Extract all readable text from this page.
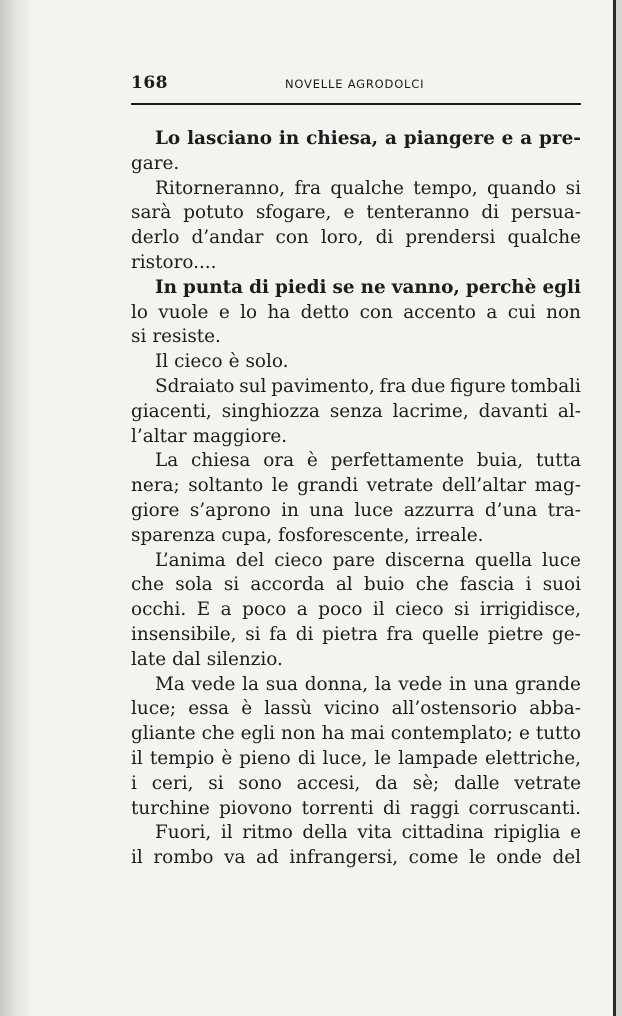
168	NOVELLE AGRODOLCI
Lo lasciano in chiesa, a piangere e a pre-
gare.
Ritorneranno, fra qualche tempo, quando si
sarà potuto sfogare, e tenteranno di persua-
derlo d’andar con loro, di prendersi qualche
ristoro....
In punta di piedi se ne vanno, perchè egli
lo vuole e lo ha detto con accento a cui non
si resiste.
Il cieco è solo.
Sdraiato sul pavimento, fra due figure tombali
giacenti, singhiozza senza lacrime, davanti al-
l’altar maggiore.
La chiesa ora è perfettamente buia, tutta
nera; soltanto le grandi vetrate dell’altar mag-
giore s’aprono in una luce azzurra d’una tra-
sparenza cupa, fosforescente, irreale.
L’anima del cieco pare discerna quella luce
che sola si accorda al buio che fascia i suoi
occhi. E a poco a poco il cieco si irrigidisce,
insensibile, si fa di pietra fra quelle pietre ge-
late dal silenzio.
Ma vede la sua donna, la vede in una grande
luce; essa è lassù vicino all’ostensorio abba-
gliante che egli non ha mai contemplato; e tutto
il tempio è pieno di luce, le lampade elettriche,
i ceri, si sono accesi, da sè; dalle vetrate
turchine piovono torrenti di raggi corruscanti.
Fuori, il ritmo della vita cittadina ripiglia e
il rombo va ad infrangersi, come le onde del
